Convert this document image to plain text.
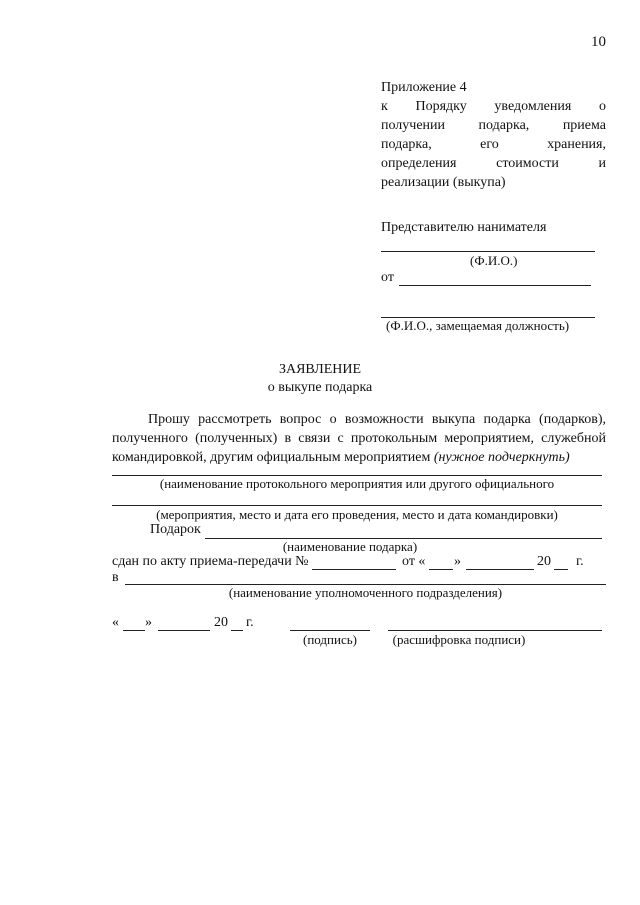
10
Приложение 4
к Порядку уведомления о
получении подарка, приема
подарка, его хранения,
определения стоимости и
реализации (выкупа)
Представителю нанимателя
(Ф.И.О.)
от
(Ф.И.О., замещаемая должность)
ЗАЯВЛЕНИЕ
о выкупе подарка
Прошу рассмотреть вопрос о возможности выкупа подарка (подарков),
полученного (полученных) в связи с протокольным мероприятием, служебной
командировкой, другим официальным мероприятием (нужное подчеркнуть)
(наименование протокольного мероприятия или другого официального
(мероприятия, место и дата его проведения, место и дата командировки)
Подарок
(наименование подарка)
сдан по акту приема-передачи №	от « »	20 г.
в
(наименование уполномоченного подразделения)
« »	20 г.
(подпись)	(расшифровка подписи)
